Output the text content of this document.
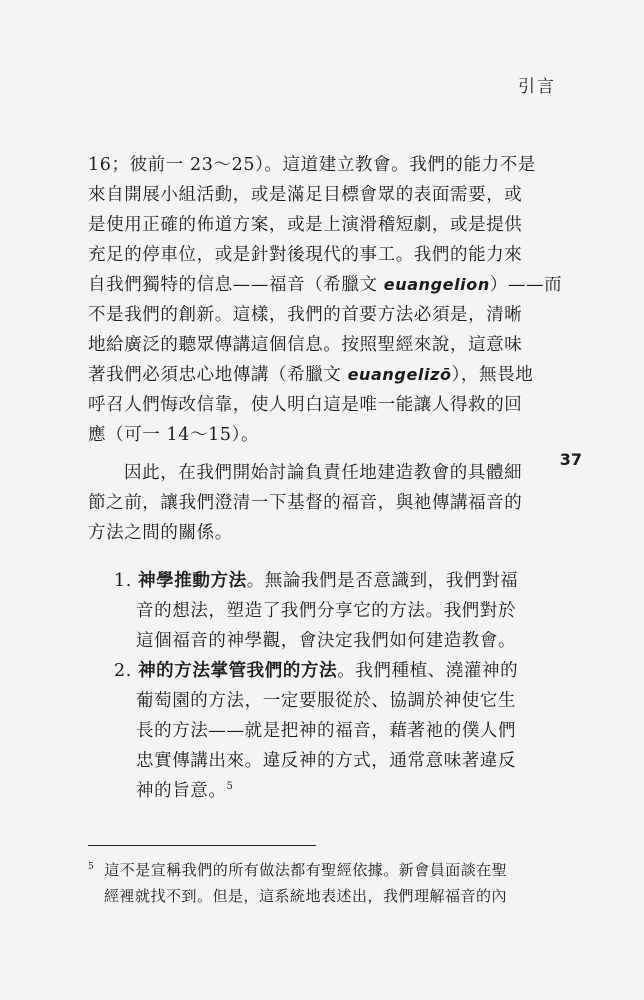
引言
37
16；彼前一 23～25）。這道建立教會。我們的能力不是
來自開展小組活動，或是滿足目標會眾的表面需要，或
是使用正確的佈道方案，或是上演滑稽短劇，或是提供
充足的停車位，或是針對後現代的事工。我們的能力來
自我們獨特的信息——福音（希臘文 euangelion）——而
不是我們的創新。這樣，我們的首要方法必須是，清晰
地給廣泛的聽眾傳講這個信息。按照聖經來說，這意味
著我們必須忠心地傳講（希臘文 euangelizō），無畏地
呼召人們悔改信靠，使人明白這是唯一能讓人得救的回
應（可一 14～15）。
因此，在我們開始討論負責任地建造教會的具體細
節之前，讓我們澄清一下基督的福音，與祂傳講福音的
方法之間的關係。
1. 神學推動方法。無論我們是否意識到，我們對福
音的想法，塑造了我們分享它的方法。我們對於
這個福音的神學觀，會決定我們如何建造教會。
2. 神的方法掌管我們的方法。我們種植、澆灌神的
葡萄園的方法，一定要服從於、協調於神使它生
長的方法——就是把神的福音，藉著祂的僕人們
忠實傳講出來。違反神的方式，通常意味著違反
神的旨意。$^5$
$^5$ 這不是宣稱我們的所有做法都有聖經依據。新會員面談在聖
經裡就找不到。但是，這系統地表述出，我們理解福音的內
